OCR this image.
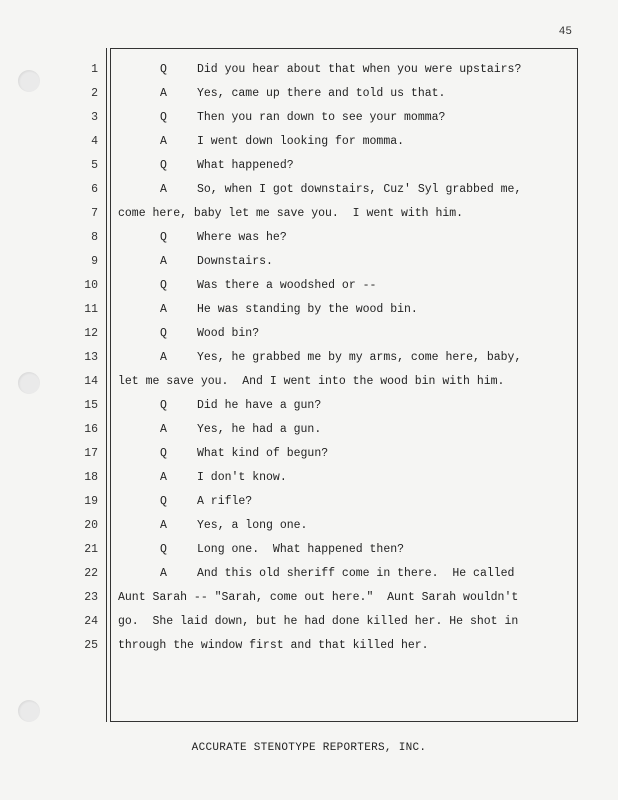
45
1	Q	Did you hear about that when you were upstairs?
2	A	Yes, came up there and told us that.
3	Q	Then you ran down to see your momma?
4	A	I went down looking for momma.
5	Q	What happened?
6	A	So, when I got downstairs, Cuz' Syl grabbed me,
7 come here, baby let me save you.  I went with him.
8	Q	Where was he?
9	A	Downstairs.
10	Q	Was there a woodshed or --
11	A	He was standing by the wood bin.
12	Q	Wood bin?
13	A	Yes, he grabbed me by my arms, come here, baby,
14 let me save you.  And I went into the wood bin with him.
15	Q	Did he have a gun?
16	A	Yes, he had a gun.
17	Q	What kind of begun?
18	A	I don't know.
19	Q	A rifle?
20	A	Yes, a long one.
21	Q	Long one.  What happened then?
22	A	And this old sheriff come in there.  He called
23 Aunt Sarah -- "Sarah, come out here."  Aunt Sarah wouldn't
24 go.  She laid down, but he had done killed her. He shot in
25 through the window first and that killed her.
ACCURATE STENOTYPE REPORTERS, INC.
